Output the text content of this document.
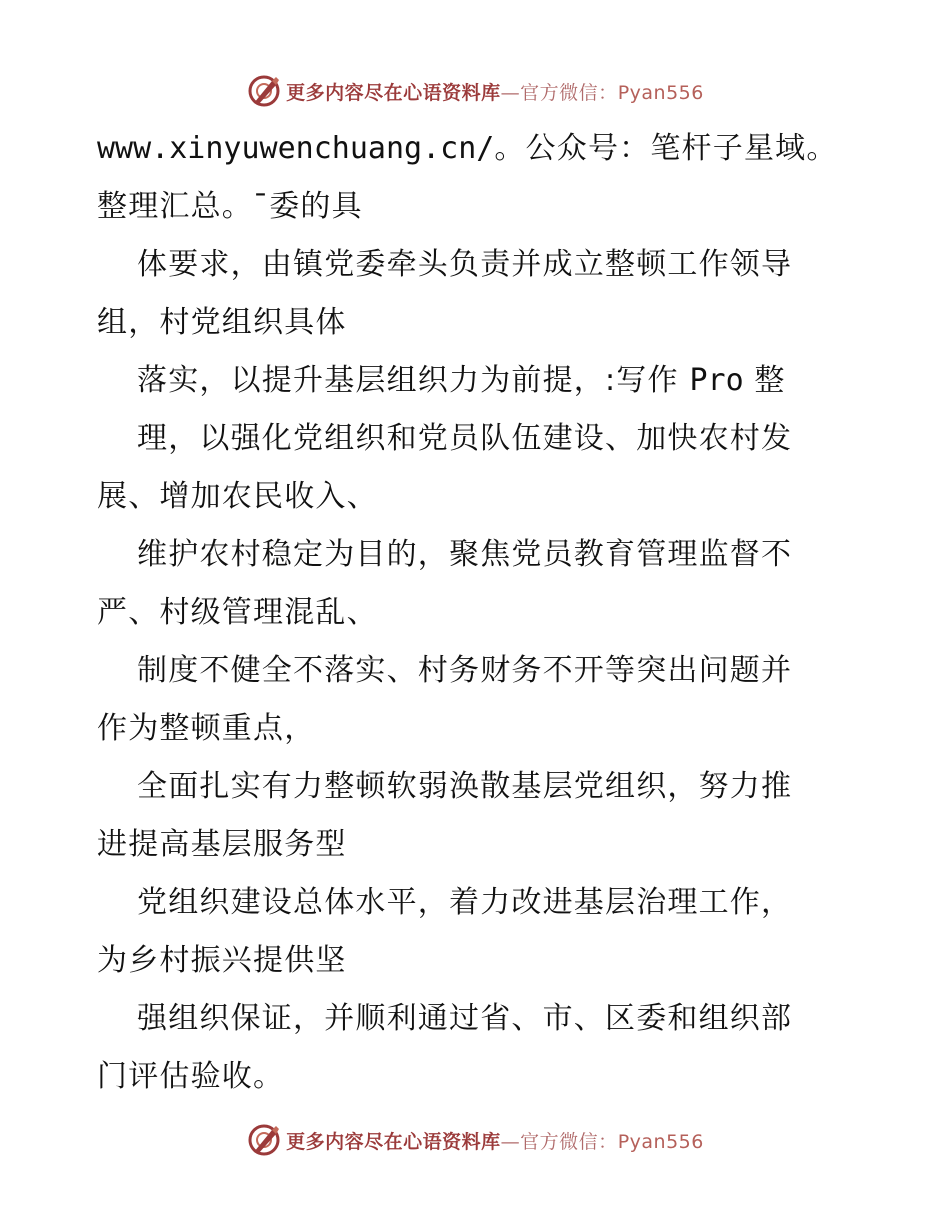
更多内容尽在心语资料库—官方微信：Pyan556
www.xinyuwenchuang.cn/。公众号：笔杆子星域。
整理汇总。¯委的具
体要求，由镇党委牵头负责并成立整顿工作领导
组，村党组织具体
落实，以提升基层组织力为前提，:写作 Pro 整
理，以强化党组织和党员队伍建设、加快农村发
展、增加农民收入、
维护农村稳定为目的，聚焦党员教育管理监督不
严、村级管理混乱、
制度不健全不落实、村务财务不开等突出问题并
作为整顿重点，
全面扎实有力整顿软弱涣散基层党组织，努力推
进提高基层服务型
党组织建设总体水平，着力改进基层治理工作，
为乡村振兴提供坚
强组织保证，并顺利通过省、市、区委和组织部
门评估验收。
更多内容尽在心语资料库—官方微信：Pyan556
